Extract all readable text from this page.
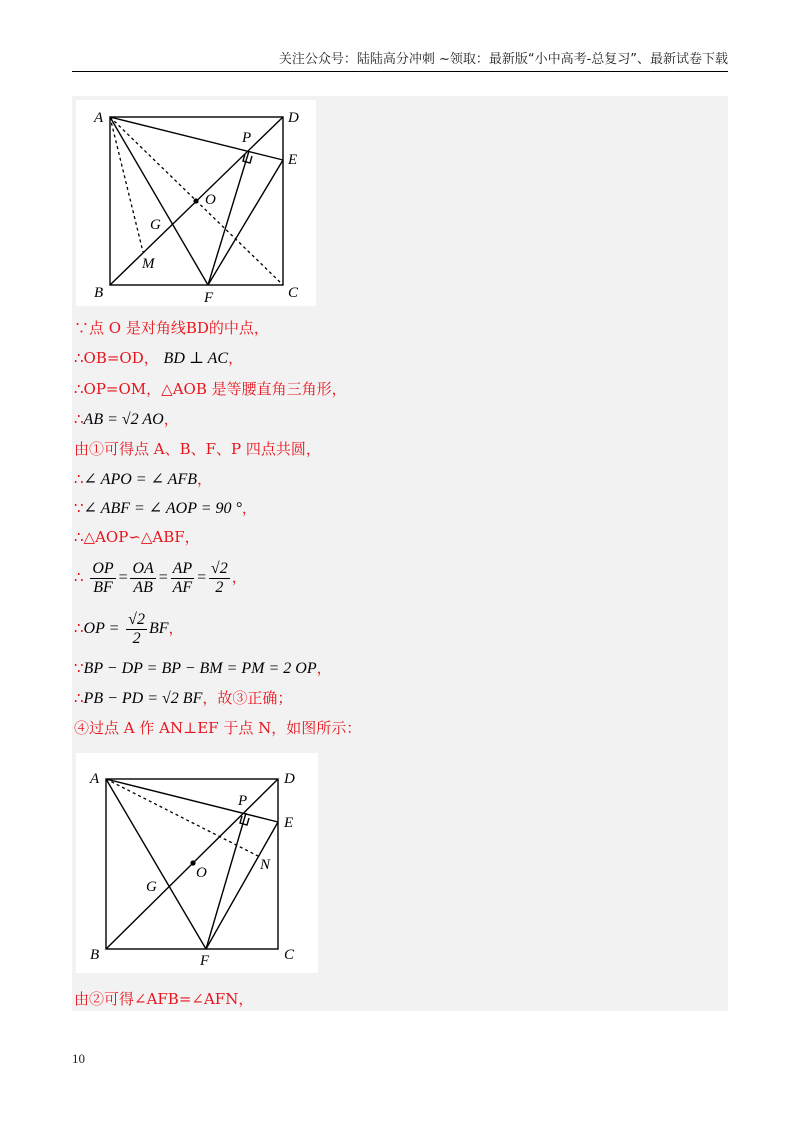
关注公众号：陆陆高分冲刺 ~领取：最新版“小中高考-总复习”、最新试卷下载
A	D
P
E
O
G
M
B	F	C
∵点 O 是对角线BD的中点，
∴OB=OD， BD ⊥ AC，
∴OP=OM，△AOB 是等腰直角三角形，
∴AB = √2 AO，
由①可得点 A、B、F、P 四点共圆，
∴∠ APO = ∠ AFB，
∵∠ ABF = ∠ AOP = 90 °，
∴△AOP∽△ABF，
∴ $\frac{OP}{BF} = \frac{OA}{AB} = \frac{AP}{AF} = \frac{√2}{2}$ ，
∴OP = $\frac{√2}{2}$ BF，
∵BP − DP = BP − BM = PM = 2 OP，
∴PB − PD = √2 BF，故③正确；
④过点 A 作 AN⊥EF 于点 N，如图所示：
A	D
P
E
O	N
G
B	F	C
由②可得∠AFB=∠AFN，
10
